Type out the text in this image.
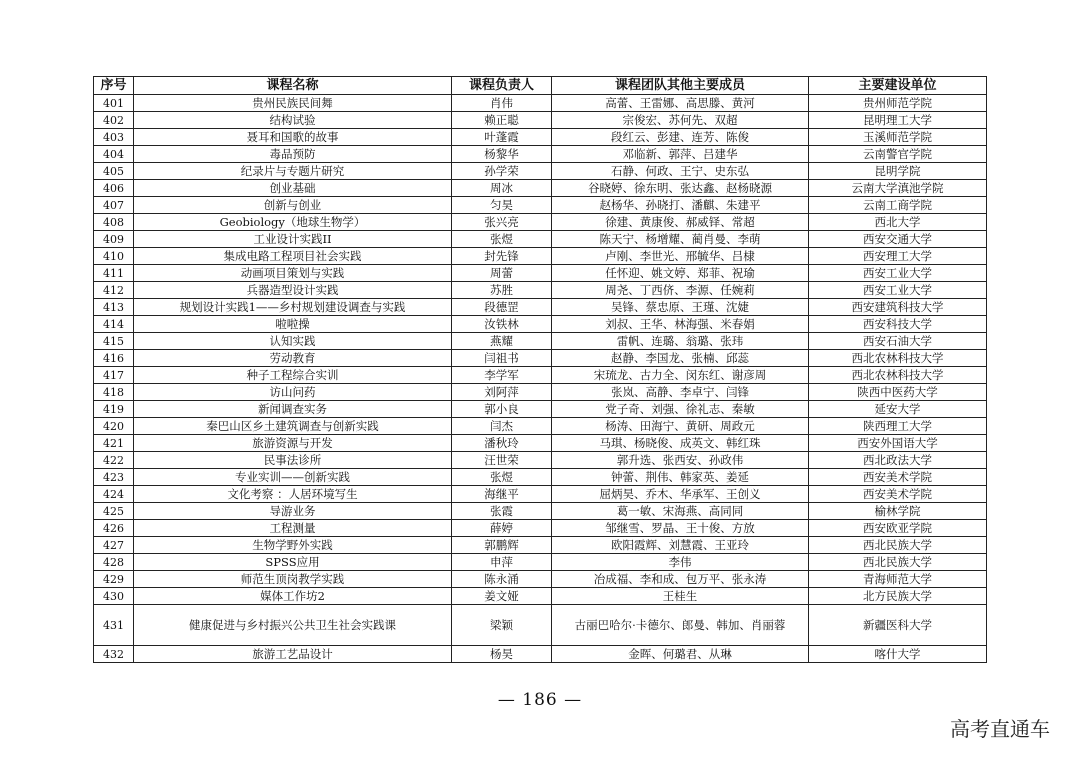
序号	课程名称	课程负责人	课程团队其他主要成员	主要建设单位
401	贵州民族民间舞	肖伟	高蕾、王雷娜、高思滕、黄河	贵州师范学院
402	结构试验	赖正聪	宗俊宏、苏何先、双超	昆明理工大学
403	聂耳和国歌的故事	叶蓬霞	段红云、彭建、连芳、陈俊	玉溪师范学院
404	毒品预防	杨黎华	邓临新、郭萍、吕建华	云南警官学院
405	纪录片与专题片研究	孙学荣	石静、何政、王宁、史东弘	昆明学院
406	创业基础	周冰	谷晓婷、徐东明、张达鑫、赵杨晓源	云南大学滇池学院
407	创新与创业	匀昊	赵杨华、孙晓打、潘麒、朱建平	云南工商学院
408	Geobiology（地球生物学）	张兴亮	徐建、黄康俊、郝威铎、常超	西北大学
409	工业设计实践II	张煜	陈天宁、杨增耀、蔺肖曼、李萌	西安交通大学
410	集成电路工程项目社会实践	封先锋	卢刚、李世光、邢毓华、吕棣	西安理工大学
411	动画项目策划与实践	周蕾	任怀迎、姚文婷、郑菲、祝瑜	西安工业大学
412	兵器造型设计实践	苏胜	周尧、丁西侪、李源、任婉莉	西安工业大学
413	规划设计实践1——乡村规划建设调查与实践	段德罡	吴锋、蔡忠原、王瑾、沈婕	西安建筑科技大学
414	啦啦操	汝铁林	刘叔、王华、林海强、米春娟	西安科技大学
415	认知实践	燕耀	雷帆、连璐、翁璐、张玮	西安石油大学
416	劳动教育	闫祖书	赵静、李国龙、张楠、邱蕊	西北农林科技大学
417	种子工程综合实训	李学军	宋琉龙、古力全、闵东红、谢彦周	西北农林科技大学
418	访山问药	刘阿萍	张岚、高静、李卓宁、闫锋	陕西中医药大学
419	新闻调查实务	郭小良	党子奇、刘强、徐礼志、秦敏	延安大学
420	秦巴山区乡土建筑调查与创新实践	闫杰	杨涛、田海宁、黄研、周政元	陕西理工大学
421	旅游资源与开发	潘秋玲	马琪、杨晓俊、成英文、韩红珠	西安外国语大学
422	民事法诊所	汪世荣	郭升选、张西安、孙政伟	西北政法大学
423	专业实训——创新实践	张煜	钟蕾、荆伟、韩家英、姜延	西安美术学院
424	文化考察 ：人居环境写生	海继平	屈炳昊、乔木、华承军、王创义	西安美术学院
425	导游业务	张霞	葛一敏、宋海燕、高同同	榆林学院
426	工程测量	薛婷	邹继雪、罗晶、王十俊、方放	西安欧亚学院
427	生物学野外实践	郭鹏辉	欧阳霞辉、刘慧霞、王亚玲	西北民族大学
428	SPSS应用	申萍	李伟	西北民族大学
429	师范生顶岗教学实践	陈永涌	冶成福、李和成、包万平、张永涛	青海师范大学
430	媒体工作坊2	姜文娅	王桂生	北方民族大学
431	健康促进与乡村振兴公共卫生社会实践课	梁颖	古丽巴哈尔·卡德尔、郎曼、韩加、肖丽蓉	新疆医科大学
432	旅游工艺品设计	杨昊	金晖、何璐君、从琳	喀什大学
— 186 —
高考直通车
